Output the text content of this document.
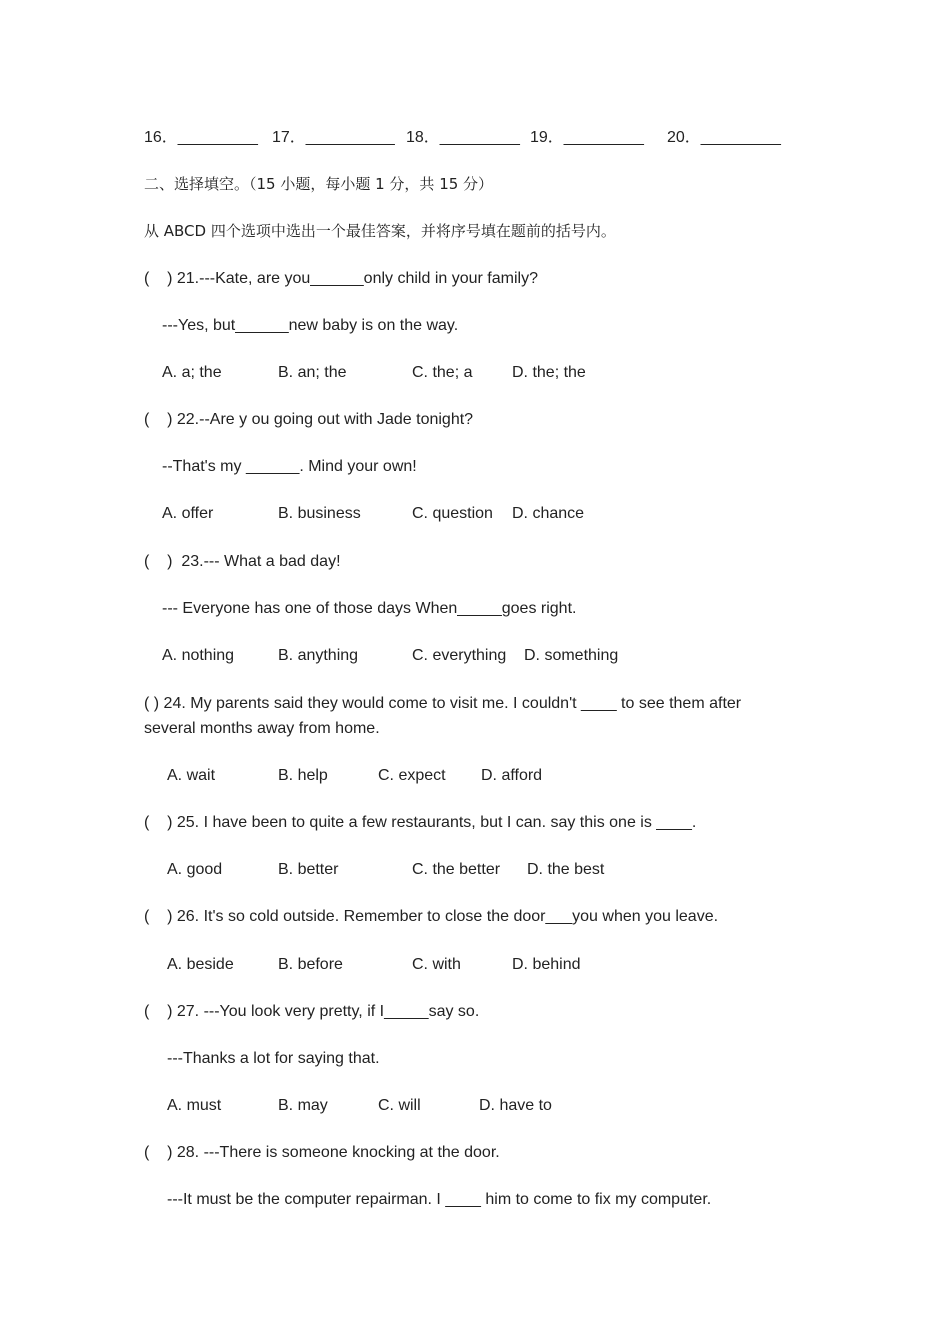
16．_________ 17．__________ 18．_________ 19．_________ 20．_________
二、选择填空。（15 小题，每小题 1 分，共 15 分）
从 ABCD 四个选项中选出一个最佳答案，并将序号填在题前的括号内。
(    ) 21.---Kate, are you______only child in your family?
---Yes, but______new baby is on the way.
A. a; the	B. an; the	C. the; a D. the; the
(    ) 22.--Are y ou going out with Jade tonight?
--That's my ______. Mind your own!
A. offer	B. business	C. question D. chance
(    )  23.--- What a bad day!
--- Everyone has one of those days When_____goes right.
A. nothing	B. anything	C. everything D. something
( ) 24. My parents said they would come to visit me. I couldn't ____ to see them after several months away from home.
A. wait	B. help	C. expect D. afford
(    ) 25. I have been to quite a few restaurants, but I can. say this one is ____.
A. good	B. better	C. the better D. the best
(    ) 26. It's so cold outside. Remember to close the door___you when you leave.
A. beside	B. before	C. with	D. behind
(    ) 27. ---You look very pretty, if I_____say so.
---Thanks a lot for saying that.
A. must	B. may	C. will	D. have to
(    ) 28. ---There is someone knocking at the door.
---It must be the computer repairman. I ____ him to come to fix my computer.
